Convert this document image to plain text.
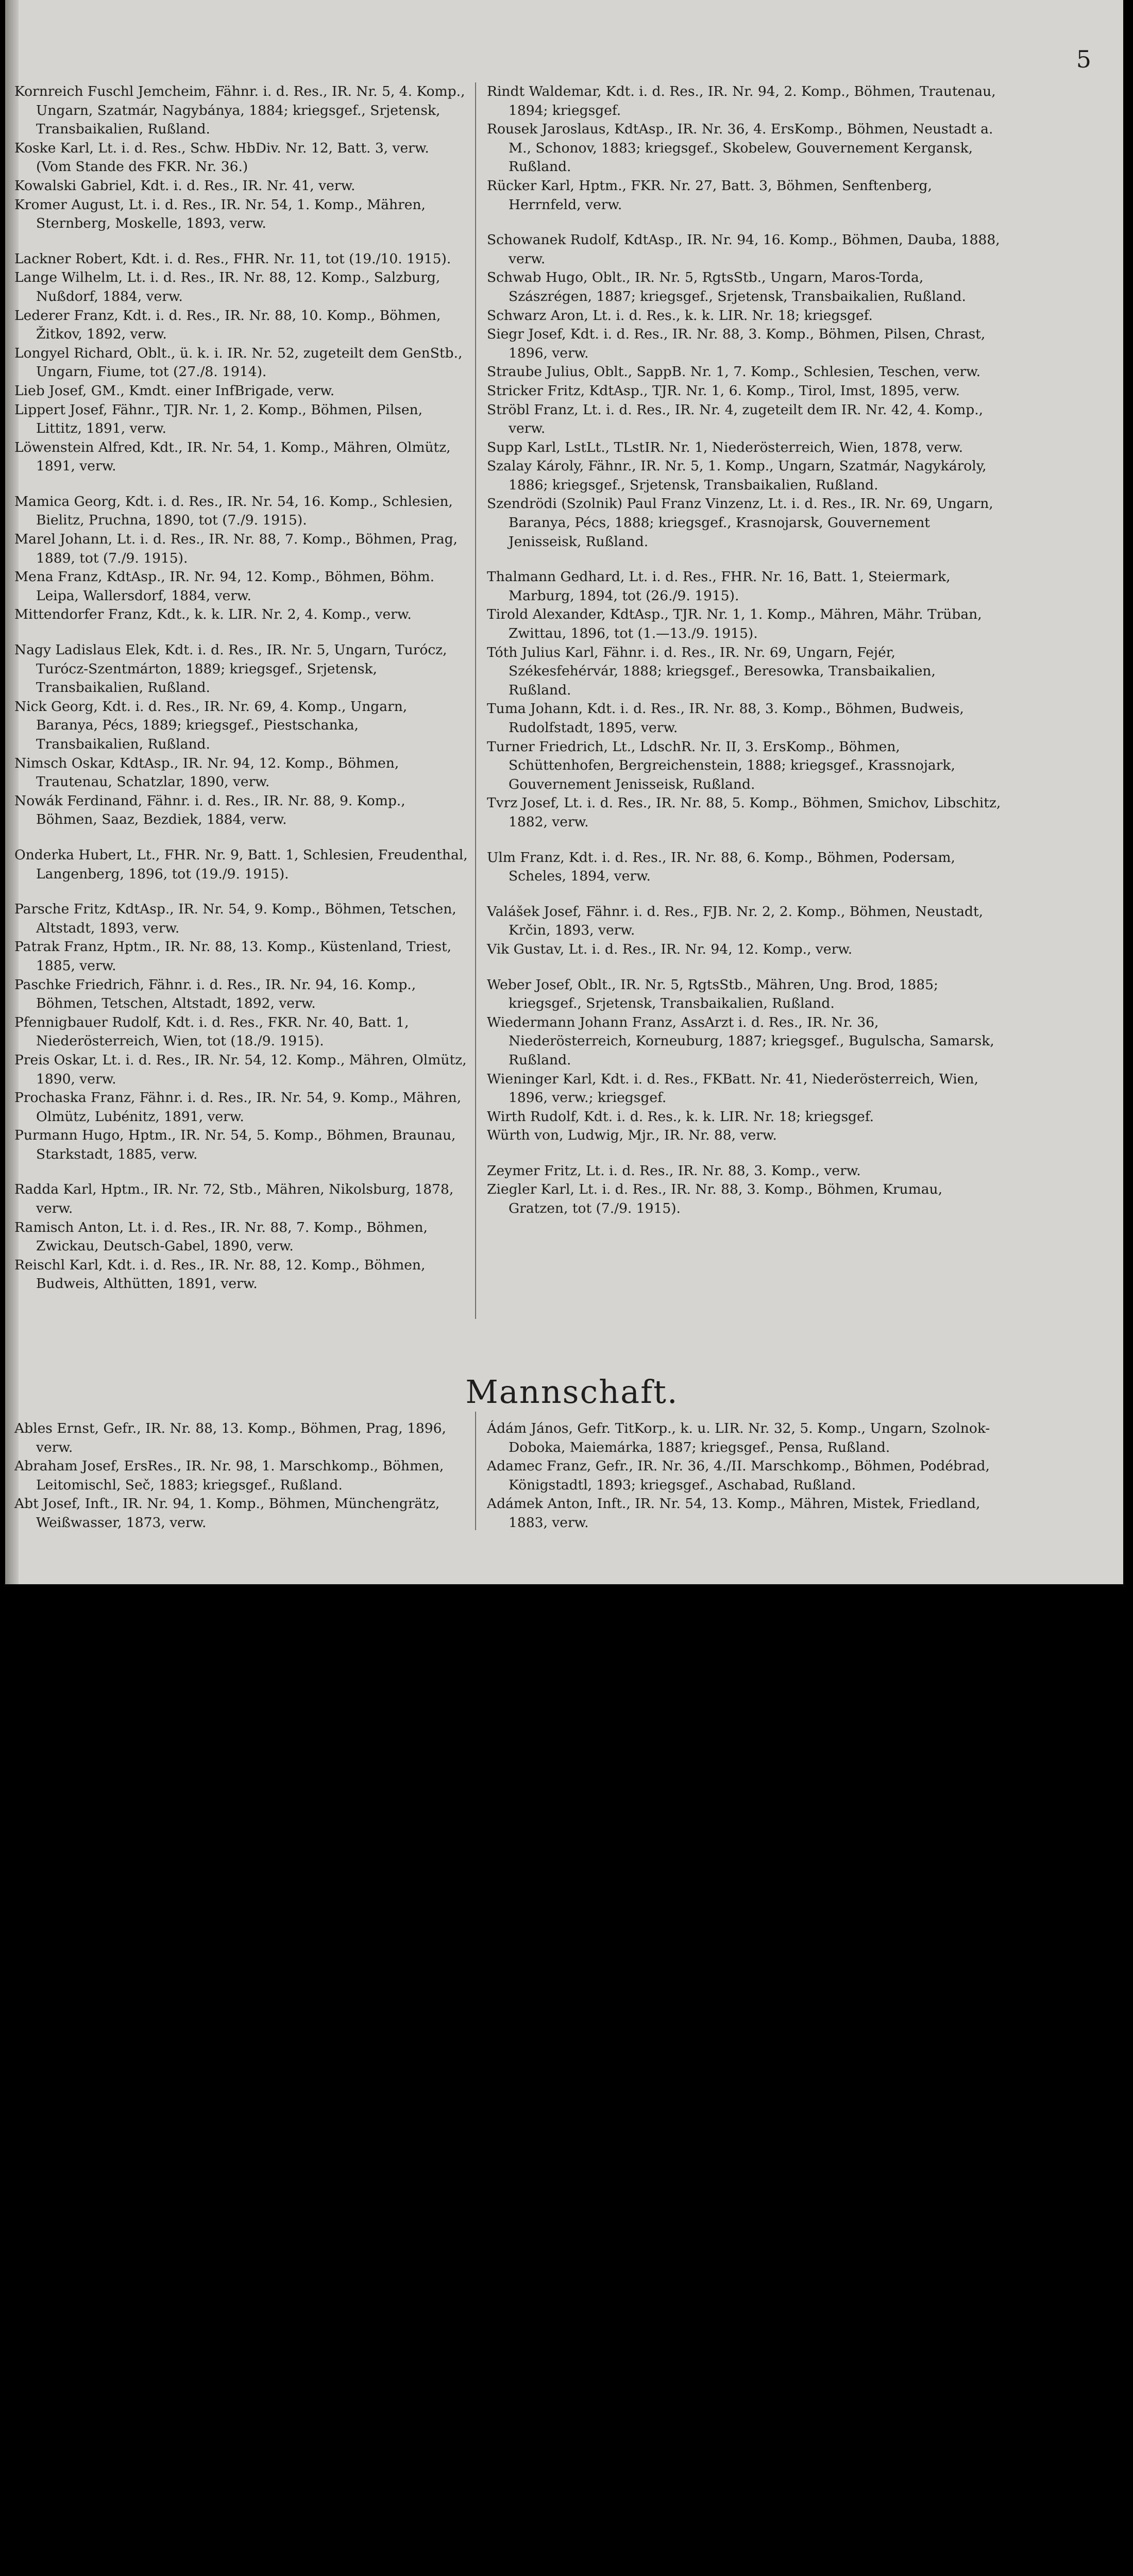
5
Kornreich Fuschl Jemcheim, Fähnr. i. d. Res., IR. Nr. 5, 4. Komp., Ungarn, Szatmár, Nagybánya, 1884; kriegsgef., Srjetensk, Transbaikalien, Rußland.
Koske Karl, Lt. i. d. Res., Schw. HbDiv. Nr. 12, Batt. 3, verw. (Vom Stande des FKR. Nr. 36.)
Kowalski Gabriel, Kdt. i. d. Res., IR. Nr. 41, verw.
Kromer August, Lt. i. d. Res., IR. Nr. 54, 1. Komp., Mähren, Sternberg, Moskelle, 1893, verw.
Lackner Robert, Kdt. i. d. Res., FHR. Nr. 11, tot (19./10. 1915).
Lange Wilhelm, Lt. i. d. Res., IR. Nr. 88, 12. Komp., Salzburg, Nußdorf, 1884, verw.
Lederer Franz, Kdt. i. d. Res., IR. Nr. 88, 10. Komp., Böhmen, Žitkov, 1892, verw.
Longyel Richard, Oblt., ü. k. i. IR. Nr. 52, zugeteilt dem GenStb., Ungarn, Fiume, tot (27./8. 1914).
Lieb Josef, GM., Kmdt. einer InfBrigade, verw.
Lippert Josef, Fähnr., TJR. Nr. 1, 2. Komp., Böhmen, Pilsen, Littitz, 1891, verw.
Löwenstein Alfred, Kdt., IR. Nr. 54, 1. Komp., Mähren, Olmütz, 1891, verw.
Mamica Georg, Kdt. i. d. Res., IR. Nr. 54, 16. Komp., Schlesien, Bielitz, Pruchna, 1890, tot (7./9. 1915).
Marel Johann, Lt. i. d. Res., IR. Nr. 88, 7. Komp., Böhmen, Prag, 1889, tot (7./9. 1915).
Mena Franz, KdtAsp., IR. Nr. 94, 12. Komp., Böhmen, Böhm. Leipa, Wallersdorf, 1884, verw.
Mittendorfer Franz, Kdt., k. k. LIR. Nr. 2, 4. Komp., verw.
Nagy Ladislaus Elek, Kdt. i. d. Res., IR. Nr. 5, Ungarn, Turócz, Turócz-Szentmárton, 1889; kriegsgef., Srjetensk, Transbaikalien, Rußland.
Nick Georg, Kdt. i. d. Res., IR. Nr. 69, 4. Komp., Ungarn, Baranya, Pécs, 1889; kriegsgef., Piestschanka, Transbaikalien, Rußland.
Nimsch Oskar, KdtAsp., IR. Nr. 94, 12. Komp., Böhmen, Trautenau, Schatzlar, 1890, verw.
Nowák Ferdinand, Fähnr. i. d. Res., IR. Nr. 88, 9. Komp., Böhmen, Saaz, Bezdiek, 1884, verw.
Onderka Hubert, Lt., FHR. Nr. 9, Batt. 1, Schlesien, Freudenthal, Langenberg, 1896, tot (19./9. 1915).
Parsche Fritz, KdtAsp., IR. Nr. 54, 9. Komp., Böhmen, Tetschen, Altstadt, 1893, verw.
Patrak Franz, Hptm., IR. Nr. 88, 13. Komp., Küstenland, Triest, 1885, verw.
Paschke Friedrich, Fähnr. i. d. Res., IR. Nr. 94, 16. Komp., Böhmen, Tetschen, Altstadt, 1892, verw.
Pfennigbauer Rudolf, Kdt. i. d. Res., FKR. Nr. 40, Batt. 1, Niederösterreich, Wien, tot (18./9. 1915).
Preis Oskar, Lt. i. d. Res., IR. Nr. 54, 12. Komp., Mähren, Olmütz, 1890, verw.
Prochaska Franz, Fähnr. i. d. Res., IR. Nr. 54, 9. Komp., Mähren, Olmütz, Lubénitz, 1891, verw.
Purmann Hugo, Hptm., IR. Nr. 54, 5. Komp., Böhmen, Braunau, Starkstadt, 1885, verw.
Radda Karl, Hptm., IR. Nr. 72, Stb., Mähren, Nikolsburg, 1878, verw.
Ramisch Anton, Lt. i. d. Res., IR. Nr. 88, 7. Komp., Böhmen, Zwickau, Deutsch-Gabel, 1890, verw.
Reischl Karl, Kdt. i. d. Res., IR. Nr. 88, 12. Komp., Böhmen, Budweis, Althütten, 1891, verw.
Rindt Waldemar, Kdt. i. d. Res., IR. Nr. 94, 2. Komp., Böhmen, Trautenau, 1894; kriegsgef.
Rousek Jaroslaus, KdtAsp., IR. Nr. 36, 4. ErsKomp., Böhmen, Neustadt a. M., Schonov, 1883; kriegsgef., Skobelew, Gouvernement Kergansk, Rußland.
Rücker Karl, Hptm., FKR. Nr. 27, Batt. 3, Böhmen, Senftenberg, Herrnfeld, verw.
Schowanek Rudolf, KdtAsp., IR. Nr. 94, 16. Komp., Böhmen, Dauba, 1888, verw.
Schwab Hugo, Oblt., IR. Nr. 5, RgtsStb., Ungarn, Maros-Torda, Szászrégen, 1887; kriegsgef., Srjetensk, Transbaikalien, Rußland.
Schwarz Aron, Lt. i. d. Res., k. k. LIR. Nr. 18; kriegsgef.
Siegr Josef, Kdt. i. d. Res., IR. Nr. 88, 3. Komp., Böhmen, Pilsen, Chrast, 1896, verw.
Straube Julius, Oblt., SappB. Nr. 1, 7. Komp., Schlesien, Teschen, verw.
Stricker Fritz, KdtAsp., TJR. Nr. 1, 6. Komp., Tirol, Imst, 1895, verw.
Ströbl Franz, Lt. i. d. Res., IR. Nr. 4, zugeteilt dem IR. Nr. 42, 4. Komp., verw.
Supp Karl, LstLt., TLstIR. Nr. 1, Niederösterreich, Wien, 1878, verw.
Szalay Károly, Fähnr., IR. Nr. 5, 1. Komp., Ungarn, Szatmár, Nagykároly, 1886; kriegsgef., Srjetensk, Transbaikalien, Rußland.
Szendrödi (Szolnik) Paul Franz Vinzenz, Lt. i. d. Res., IR. Nr. 69, Ungarn, Baranya, Pécs, 1888; kriegsgef., Krasnojarsk, Gouvernement Jenisseisk, Rußland.
Thalmann Gedhard, Lt. i. d. Res., FHR. Nr. 16, Batt. 1, Steiermark, Marburg, 1894, tot (26./9. 1915).
Tirold Alexander, KdtAsp., TJR. Nr. 1, 1. Komp., Mähren, Mähr. Trüban, Zwittau, 1896, tot (1.—13./9. 1915).
Tóth Julius Karl, Fähnr. i. d. Res., IR. Nr. 69, Ungarn, Fejér, Székesfehérvár, 1888; kriegsgef., Beresowka, Transbaikalien, Rußland.
Tuma Johann, Kdt. i. d. Res., IR. Nr. 88, 3. Komp., Böhmen, Budweis, Rudolfstadt, 1895, verw.
Turner Friedrich, Lt., LdschR. Nr. II, 3. ErsKomp., Böhmen, Schüttenhofen, Bergreichenstein, 1888; kriegsgef., Krassnojark, Gouvernement Jenisseisk, Rußland.
Tvrz Josef, Lt. i. d. Res., IR. Nr. 88, 5. Komp., Böhmen, Smichov, Libschitz, 1882, verw.
Ulm Franz, Kdt. i. d. Res., IR. Nr. 88, 6. Komp., Böhmen, Podersam, Scheles, 1894, verw.
Valášek Josef, Fähnr. i. d. Res., FJB. Nr. 2, 2. Komp., Böhmen, Neustadt, Krčin, 1893, verw.
Vik Gustav, Lt. i. d. Res., IR. Nr. 94, 12. Komp., verw.
Weber Josef, Oblt., IR. Nr. 5, RgtsStb., Mähren, Ung. Brod, 1885; kriegsgef., Srjetensk, Transbaikalien, Rußland.
Wiedermann Johann Franz, AssArzt i. d. Res., IR. Nr. 36, Niederösterreich, Korneuburg, 1887; kriegsgef., Bugulscha, Samarsk, Rußland.
Wieninger Karl, Kdt. i. d. Res., FKBatt. Nr. 41, Niederösterreich, Wien, 1896, verw.; kriegsgef.
Wirth Rudolf, Kdt. i. d. Res., k. k. LIR. Nr. 18; kriegsgef.
Würth von, Ludwig, Mjr., IR. Nr. 88, verw.
Zeymer Fritz, Lt. i. d. Res., IR. Nr. 88, 3. Komp., verw.
Ziegler Karl, Lt. i. d. Res., IR. Nr. 88, 3. Komp., Böhmen, Krumau, Gratzen, tot (7./9. 1915).
Mannschaft.
Ables Ernst, Gefr., IR. Nr. 88, 13. Komp., Böhmen, Prag, 1896, verw.
Abraham Josef, ErsRes., IR. Nr. 98, 1. Marschkomp., Böhmen, Leitomischl, Seč, 1883; kriegsgef., Rußland.
Abt Josef, Inft., IR. Nr. 94, 1. Komp., Böhmen, Münchengrätz, Weißwasser, 1873, verw.
Ádám János, Gefr. TitKorp., k. u. LIR. Nr. 32, 5. Komp., Ungarn, Szolnok-Doboka, Maiemárka, 1887; kriegsgef., Pensa, Rußland.
Adamec Franz, Gefr., IR. Nr. 36, 4./II. Marschkomp., Böhmen, Podébrad, Königstadtl, 1893; kriegsgef., Aschabad, Rußland.
Adámek Anton, Inft., IR. Nr. 54, 13. Komp., Mähren, Mistek, Friedland, 1883, verw.
